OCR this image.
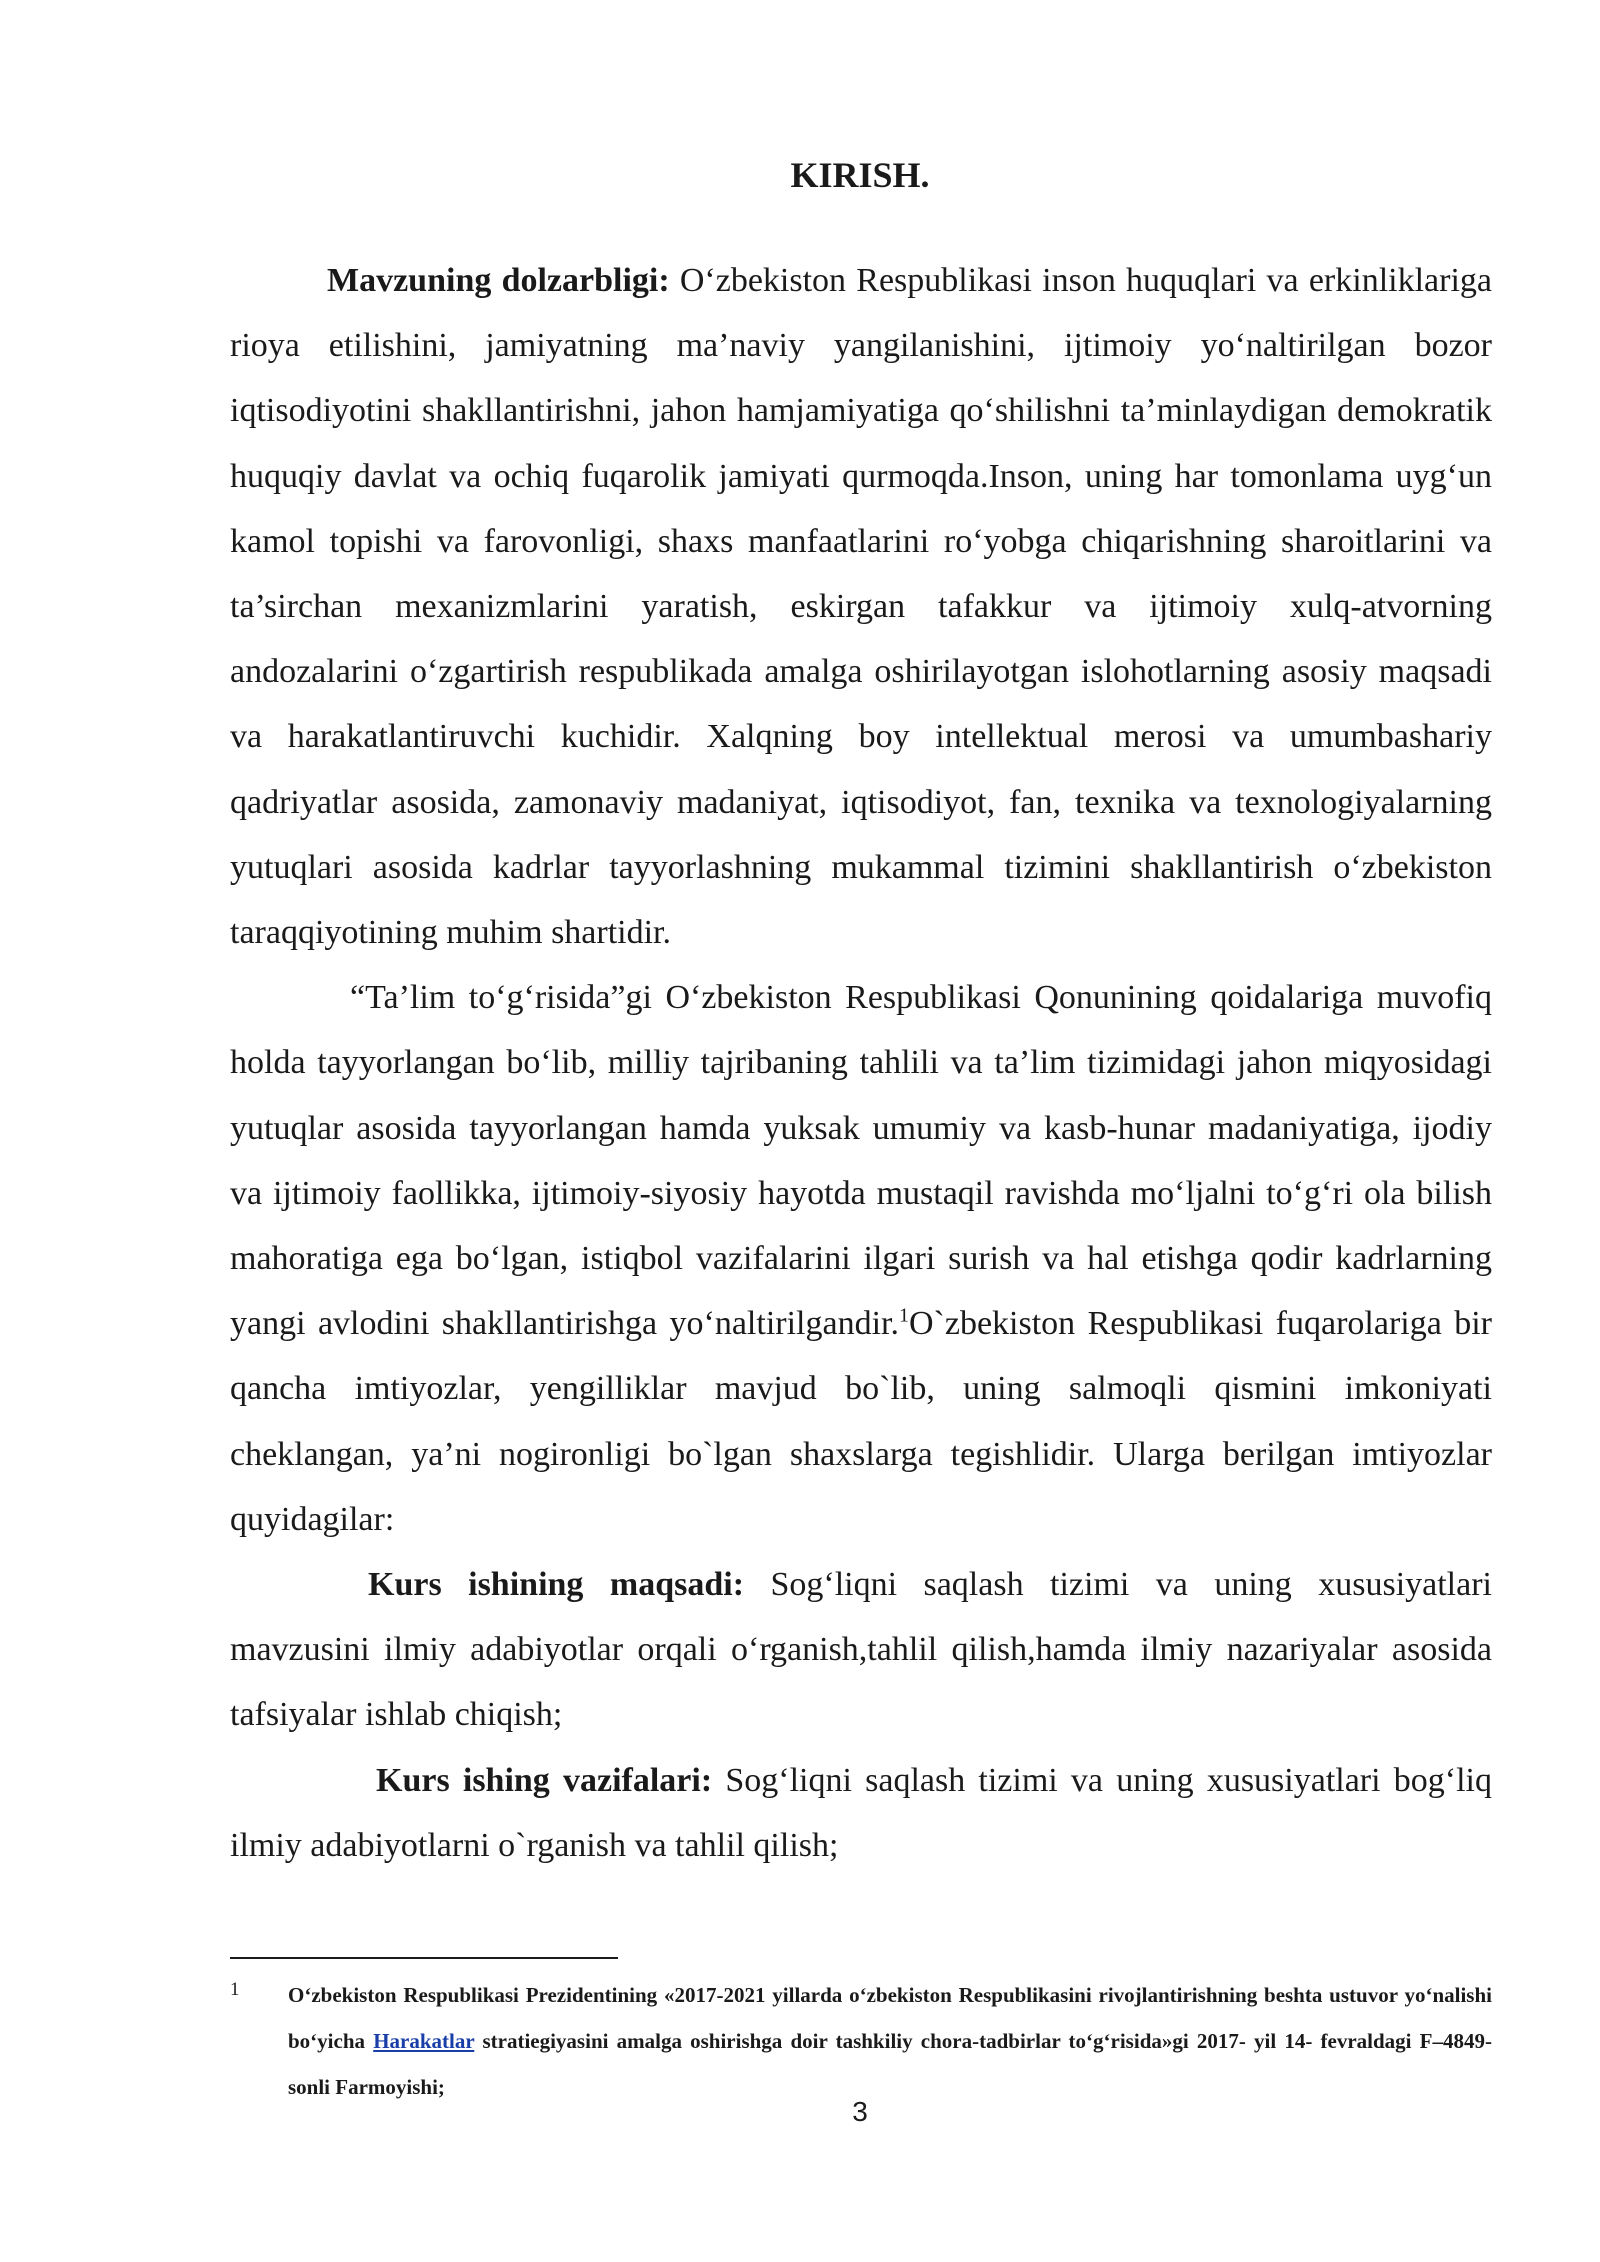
KIRISH.

Mavzuning dolzarbligi: O‘zbekiston Respublikasi inson huquqlari va erkinliklariga rioya etilishini, jamiyatning ma’naviy yangilanishini, ijtimoiy yo‘naltirilgan bozor iqtisodiyotini shakllantirishni, jahon hamjamiyatiga qo‘shilishni ta’minlaydigan demokratik huquqiy davlat va ochiq fuqarolik jamiyati qurmoqda.Inson, uning har tomonlama uyg‘un kamol topishi va farovonligi, shaxs manfaatlarini ro‘yobga chiqarishning sharoitlarini va ta’sirchan mexanizmlarini yaratish, eskirgan tafakkur va ijtimoiy xulq-atvorning andozalarini o‘zgartirish respublikada amalga oshirilayotgan islohotlarning asosiy maqsadi va harakatlantiruvchi kuchidir. Xalqning boy intellektual merosi va umumbashariy qadriyatlar asosida, zamonaviy madaniyat, iqtisodiyot, fan, texnika va texnologiyalarning yutuqlari asosida kadrlar tayyorlashning mukammal tizimini shakllantirish o‘zbekiston taraqqiyotining muhim shartidir.

“Ta’lim to‘g‘risida”gi O‘zbekiston Respublikasi Qonunining qoidalariga muvofiq holda tayyorlangan bo‘lib, milliy tajribaning tahlili va ta’lim tizimidagi jahon miqyosidagi yutuqlar asosida tayyorlangan hamda yuksak umumiy va kasb-hunar madaniyatiga, ijodiy va ijtimoiy faollikka, ijtimoiy-siyosiy hayotda mustaqil ravishda mo‘ljalni to‘g‘ri ola bilish mahoratiga ega bo‘lgan, istiqbol vazifalarini ilgari surish va hal etishga qodir kadrlarning yangi avlodini shakllantirishga yo‘naltirilgandir.$^1$O`zbekiston Respublikasi fuqarolariga bir qancha imtiyozlar, yengilliklar mavjud bo`lib, uning salmoqli qismini imkoniyati cheklangan, ya’ni nogironligi bo`lgan shaxslarga tegishlidir. Ularga berilgan imtiyozlar quyidagilar:

Kurs ishining maqsadi: Sog‘liqni saqlash tizimi va uning xususiyatlari mavzusini ilmiy adabiyotlar orqali o‘rganish,tahlil qilish,hamda ilmiy nazariyalar asosida tafsiyalar ishlab chiqish;

Kurs ishing vazifalari: Sog‘liqni saqlash tizimi va uning xususiyatlari bog‘liq ilmiy adabiyotlarni o`rganish va tahlil qilish;

1 O‘zbekiston Respublikasi Prezidentining «2017-2021 yillarda o‘zbekiston Respublikasini rivojlantirishning beshta ustuvor yo‘nalishi bo‘yicha Harakatlar stratiegiyasini amalga oshirishga doir tashkiliy chora-tadbirlar to‘g‘risida»gi 2017- yil 14- fevraldagi F–4849-sonli Farmoyishi;

3
